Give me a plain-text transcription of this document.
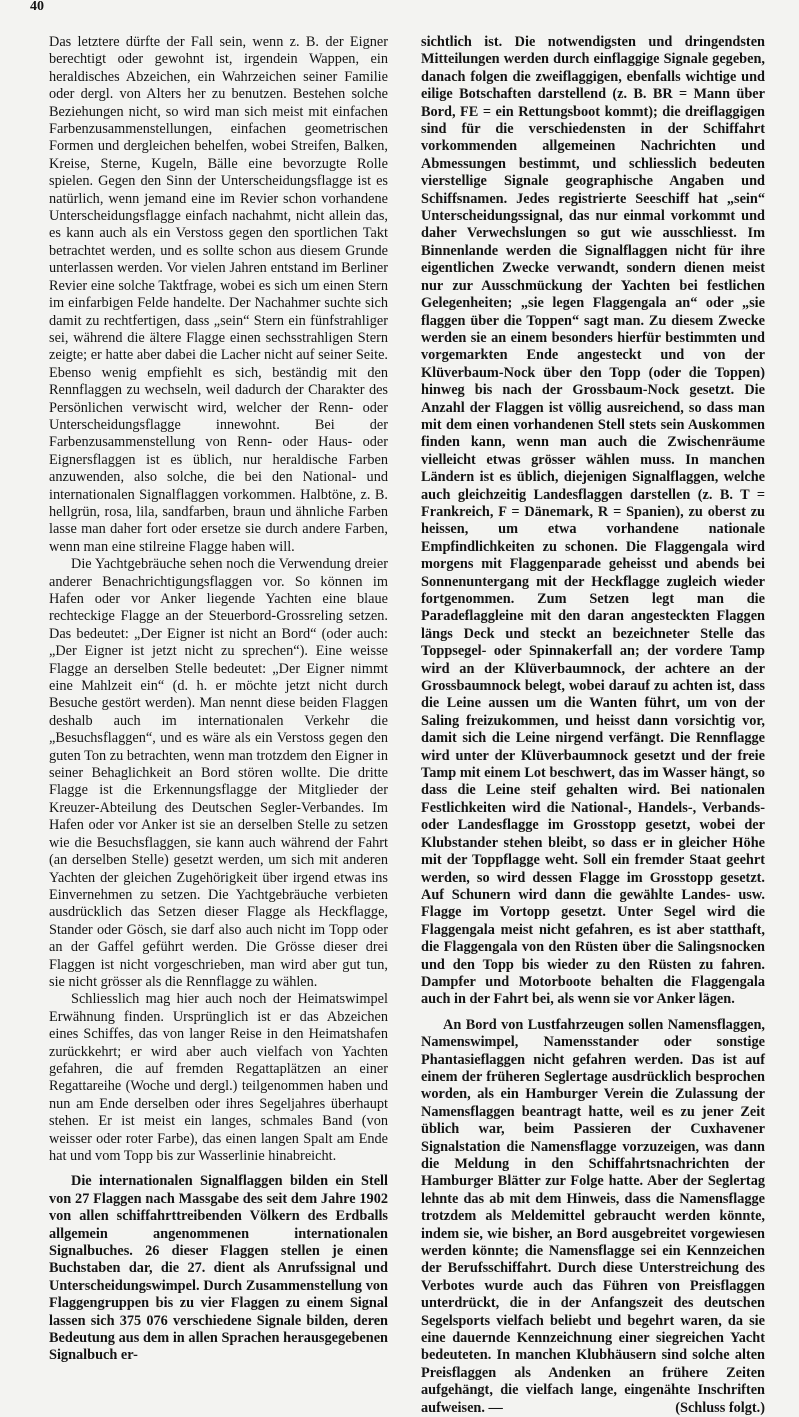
40

Das letztere dürfte der Fall sein, wenn z. B. der Eigner berechtigt oder gewohnt ist, irgendein Wappen, ein heraldisches Abzeichen, ein Wahrzeichen seiner Familie oder dergl. von Alters her zu benutzen. Bestehen solche Beziehungen nicht, so wird man sich meist mit einfachen Farbenzusammenstellungen, einfachen geometrischen Formen und dergleichen behelfen, wobei Streifen, Balken, Kreise, Sterne, Kugeln, Bälle eine bevorzugte Rolle spielen. Gegen den Sinn der Unterscheidungsflagge ist es natürlich, wenn jemand eine im Revier schon vorhandene Unterscheidungsflagge einfach nachahmt, nicht allein das, es kann auch als ein Verstoss gegen den sportlichen Takt betrachtet werden, und es sollte schon aus diesem Grunde unterlassen werden. Vor vielen Jahren entstand im Berliner Revier eine solche Taktfrage, wobei es sich um einen Stern im einfarbigen Felde handelte. Der Nachahmer suchte sich damit zu rechtfertigen, dass „sein“ Stern ein fünfstrahliger sei, während die ältere Flagge einen sechsstrahligen Stern zeigte; er hatte aber dabei die Lacher nicht auf seiner Seite. Ebenso wenig empfiehlt es sich, beständig mit den Rennflaggen zu wechseln, weil dadurch der Charakter des Persönlichen verwischt wird, welcher der Renn- oder Unterscheidungsflagge innewohnt. Bei der Farbenzusammenstellung von Renn- oder Haus- oder Eignersflaggen ist es üblich, nur heraldische Farben anzuwenden, also solche, die bei den National- und internationalen Signalflaggen vorkommen. Halbtöne, z. B. hellgrün, rosa, lila, sandfarben, braun und ähnliche Farben lasse man daher fort oder ersetze sie durch andere Farben, wenn man eine stilreine Flagge haben will.

Die Yachtgebräuche sehen noch die Verwendung dreier anderer Benachrichtigungsflaggen vor. So können im Hafen oder vor Anker liegende Yachten eine blaue rechteckige Flagge an der Steuerbord-Grossreling setzen. Das bedeutet: „Der Eigner ist nicht an Bord“ (oder auch: „Der Eigner ist jetzt nicht zu sprechen“). Eine weisse Flagge an derselben Stelle bedeutet: „Der Eigner nimmt eine Mahlzeit ein“ (d. h. er möchte jetzt nicht durch Besuche gestört werden). Man nennt diese beiden Flaggen deshalb auch im internationalen Verkehr die „Besuchsflaggen“, und es wäre als ein Verstoss gegen den guten Ton zu betrachten, wenn man trotzdem den Eigner in seiner Behaglichkeit an Bord stören wollte. Die dritte Flagge ist die Erkennungsflagge der Mitglieder der Kreuzer-Abteilung des Deutschen Segler-Verbandes. Im Hafen oder vor Anker ist sie an derselben Stelle zu setzen wie die Besuchsflaggen, sie kann auch während der Fahrt (an derselben Stelle) gesetzt werden, um sich mit anderen Yachten der gleichen Zugehörigkeit über irgend etwas ins Einvernehmen zu setzen. Die Yachtgebräuche verbieten ausdrücklich das Setzen dieser Flagge als Heckflagge, Stander oder Gösch, sie darf also auch nicht im Topp oder an der Gaffel geführt werden. Die Grösse dieser drei Flaggen ist nicht vorgeschrieben, man wird aber gut tun, sie nicht grösser als die Rennflagge zu wählen.

Schliesslich mag hier auch noch der Heimatswimpel Erwähnung finden. Ursprünglich ist er das Abzeichen eines Schiffes, das von langer Reise in den Heimatshafen zurückkehrt; er wird aber auch vielfach von Yachten gefahren, die auf fremden Regattaplätzen an einer Regattareihe (Woche und dergl.) teilgenommen haben und nun am Ende derselben oder ihres Segeljahres überhaupt stehen. Er ist meist ein langes, schmales Band (von weisser oder roter Farbe), das einen langen Spalt am Ende hat und vom Topp bis zur Wasserlinie hinabreicht.

Die internationalen Signalflaggen bilden ein Stell von 27 Flaggen nach Massgabe des seit dem Jahre 1902 von allen schiffahrttreibenden Völkern des Erdballs allgemein angenommenen internationalen Signalbuches. 26 dieser Flaggen stellen je einen Buchstaben dar, die 27. dient als Anrufssignal und Unterscheidungswimpel. Durch Zusammenstellung von Flaggengruppen bis zu vier Flaggen zu einem Signal lassen sich 375 076 verschiedene Signale bilden, deren Bedeutung aus dem in allen Sprachen herausgegebenen Signalbuch er-

sichtlich ist. Die notwendigsten und dringendsten Mitteilungen werden durch einflaggige Signale gegeben, danach folgen die zweiflaggigen, ebenfalls wichtige und eilige Botschaften darstellend (z. B. BR = Mann über Bord, FE = ein Rettungsboot kommt); die dreiflaggigen sind für die verschiedensten in der Schiffahrt vorkommenden allgemeinen Nachrichten und Abmessungen bestimmt, und schliesslich bedeuten vierstellige Signale geographische Angaben und Schiffsnamen. Jedes registrierte Seeschiff hat „sein“ Unterscheidungssignal, das nur einmal vorkommt und daher Verwechslungen so gut wie ausschliesst. Im Binnenlande werden die Signalflaggen nicht für ihre eigentlichen Zwecke verwandt, sondern dienen meist nur zur Ausschmückung der Yachten bei festlichen Gelegenheiten; „sie legen Flaggengala an“ oder „sie flaggen über die Toppen“ sagt man. Zu diesem Zwecke werden sie an einem besonders hierfür bestimmten und vorgemarkten Ende angesteckt und von der Klüverbaum-Nock über den Topp (oder die Toppen) hinweg bis nach der Grossbaum-Nock gesetzt. Die Anzahl der Flaggen ist völlig ausreichend, so dass man mit dem einen vorhandenen Stell stets sein Auskommen finden kann, wenn man auch die Zwischenräume vielleicht etwas grösser wählen muss. In manchen Ländern ist es üblich, diejenigen Signalflaggen, welche auch gleichzeitig Landesflaggen darstellen (z. B. T = Frankreich, F = Dänemark, R = Spanien), zu oberst zu heissen, um etwa vorhandene nationale Empfindlichkeiten zu schonen. Die Flaggengala wird morgens mit Flaggenparade geheisst und abends bei Sonnenuntergang mit der Heckflagge zugleich wieder fortgenommen. Zum Setzen legt man die Paradeflaggleine mit den daran angesteckten Flaggen längs Deck und steckt an bezeichneter Stelle das Toppsegel- oder Spinnakerfall an; der vordere Tamp wird an der Klüverbaumnock, der achtere an der Grossbaumnock belegt, wobei darauf zu achten ist, dass die Leine aussen um die Wanten führt, um von der Saling freizukommen, und heisst dann vorsichtig vor, damit sich die Leine nirgend verfängt. Die Rennflagge wird unter der Klüverbaumnock gesetzt und der freie Tamp mit einem Lot beschwert, das im Wasser hängt, so dass die Leine steif gehalten wird. Bei nationalen Festlichkeiten wird die National-, Handels-, Verbands- oder Landesflagge im Grosstopp gesetzt, wobei der Klubstander stehen bleibt, so dass er in gleicher Höhe mit der Toppflagge weht. Soll ein fremder Staat geehrt werden, so wird dessen Flagge im Grosstopp gesetzt. Auf Schunern wird dann die gewählte Landes- usw. Flagge im Vortopp gesetzt. Unter Segel wird die Flaggengala meist nicht gefahren, es ist aber statthaft, die Flaggengala von den Rüsten über die Salingsnocken und den Topp bis wieder zu den Rüsten zu fahren. Dampfer und Motorboote behalten die Flaggengala auch in der Fahrt bei, als wenn sie vor Anker lägen.

An Bord von Lustfahrzeugen sollen Namensflaggen, Namenswimpel, Namensstander oder sonstige Phantasieflaggen nicht gefahren werden. Das ist auf einem der früheren Seglertage ausdrücklich besprochen worden, als ein Hamburger Verein die Zulassung der Namensflaggen beantragt hatte, weil es zu jener Zeit üblich war, beim Passieren der Cuxhavener Signalstation die Namensflagge vorzuzeigen, was dann die Meldung in den Schiffahrtsnachrichten der Hamburger Blätter zur Folge hatte. Aber der Seglertag lehnte das ab mit dem Hinweis, dass die Namensflagge trotzdem als Meldemittel gebraucht werden könnte, indem sie, wie bisher, an Bord ausgebreitet vorgewiesen werden könnte; die Namensflagge sei ein Kennzeichen der Berufsschiffahrt. Durch diese Unterstreichung des Verbotes wurde auch das Führen von Preisflaggen unterdrückt, die in der Anfangszeit des deutschen Segelsports vielfach beliebt und begehrt waren, da sie eine dauernde Kennzeichnung einer siegreichen Yacht bedeuteten. In manchen Klubhäusern sind solche alten Preisflaggen als Andenken an frühere Zeiten aufgehängt, die vielfach lange, eingenähte Inschriften aufweisen. —	(Schluss folgt.)
